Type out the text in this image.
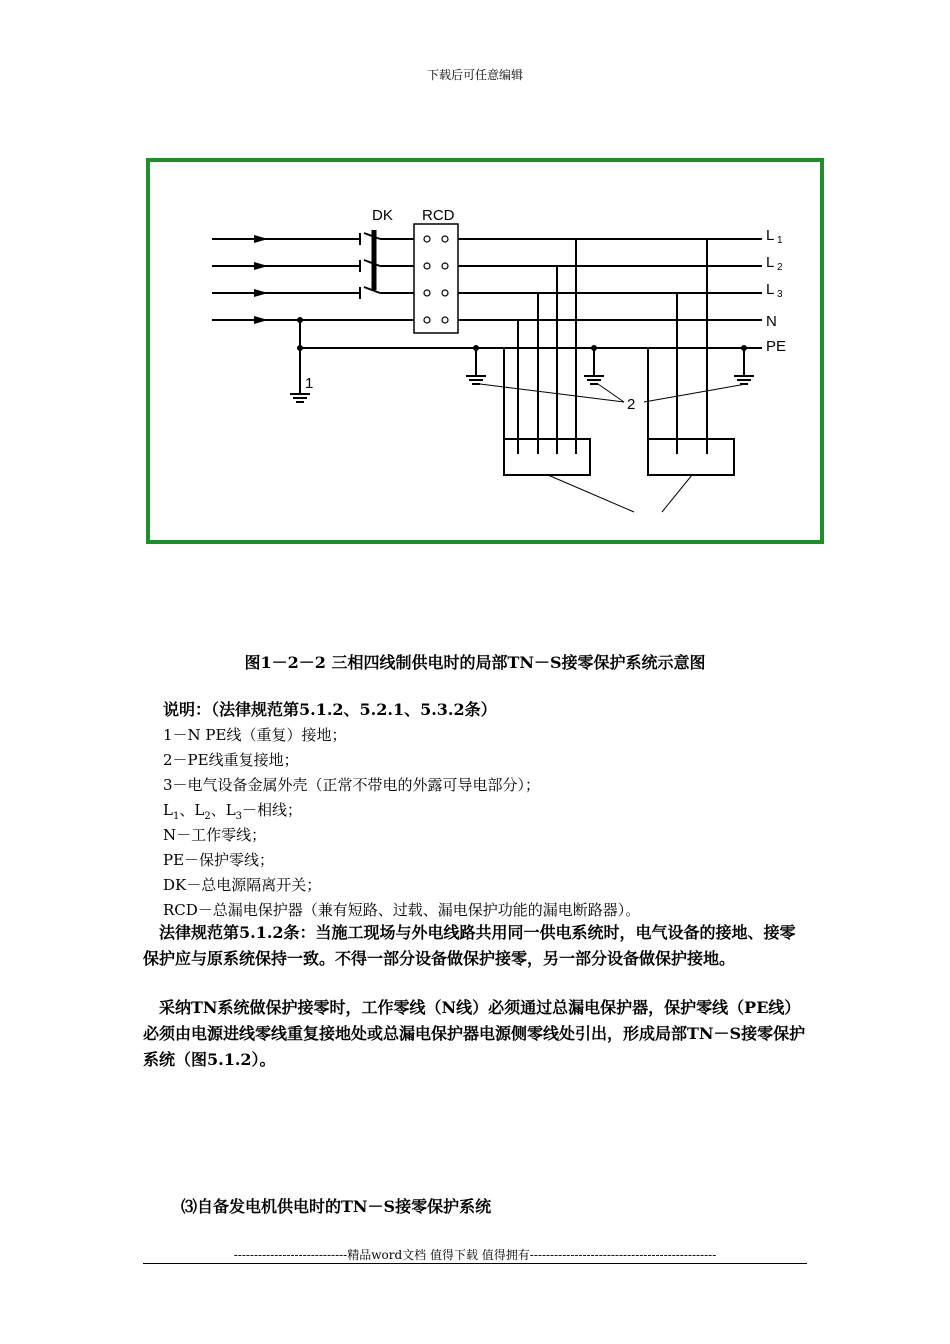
下载后可任意编辑
DK RCD
L 1
L 2
L 3
N
PE
1
2
图1－2－2 三相四线制供电时的局部TN－S接零保护系统示意图
说明：（法律规范第5.1.2、5.2.1、5.3.2条）
1－N PE线（重复）接地；
2－PE线重复接地；
3－电气设备金属外壳（正常不带电的外露可导电部分）；
$L_1$、$L_2$、$L_3-$相线；
N－工作零线；
PE－保护零线；
DK－总电源隔离开关；
RCD－总漏电保护器（兼有短路、过载、漏电保护功能的漏电断路器）。
　法律规范第5.1.2条：当施工现场与外电线路共用同一供电系统时，电气设备的接地、接零保护应与原系统保持一致。不得一部分设备做保护接零，另一部分设备做保护接地。
　采纳TN系统做保护接零时，工作零线（N线）必须通过总漏电保护器，保护零线（PE线）必须由电源进线零线重复接地处或总漏电保护器电源侧零线处引出，形成局部TN－S接零保护系统（图5.1.2）。
⑶自备发电机供电时的TN－S接零保护系统
----------------------------精品word文档 值得下载 值得拥有----------------------------------------------
